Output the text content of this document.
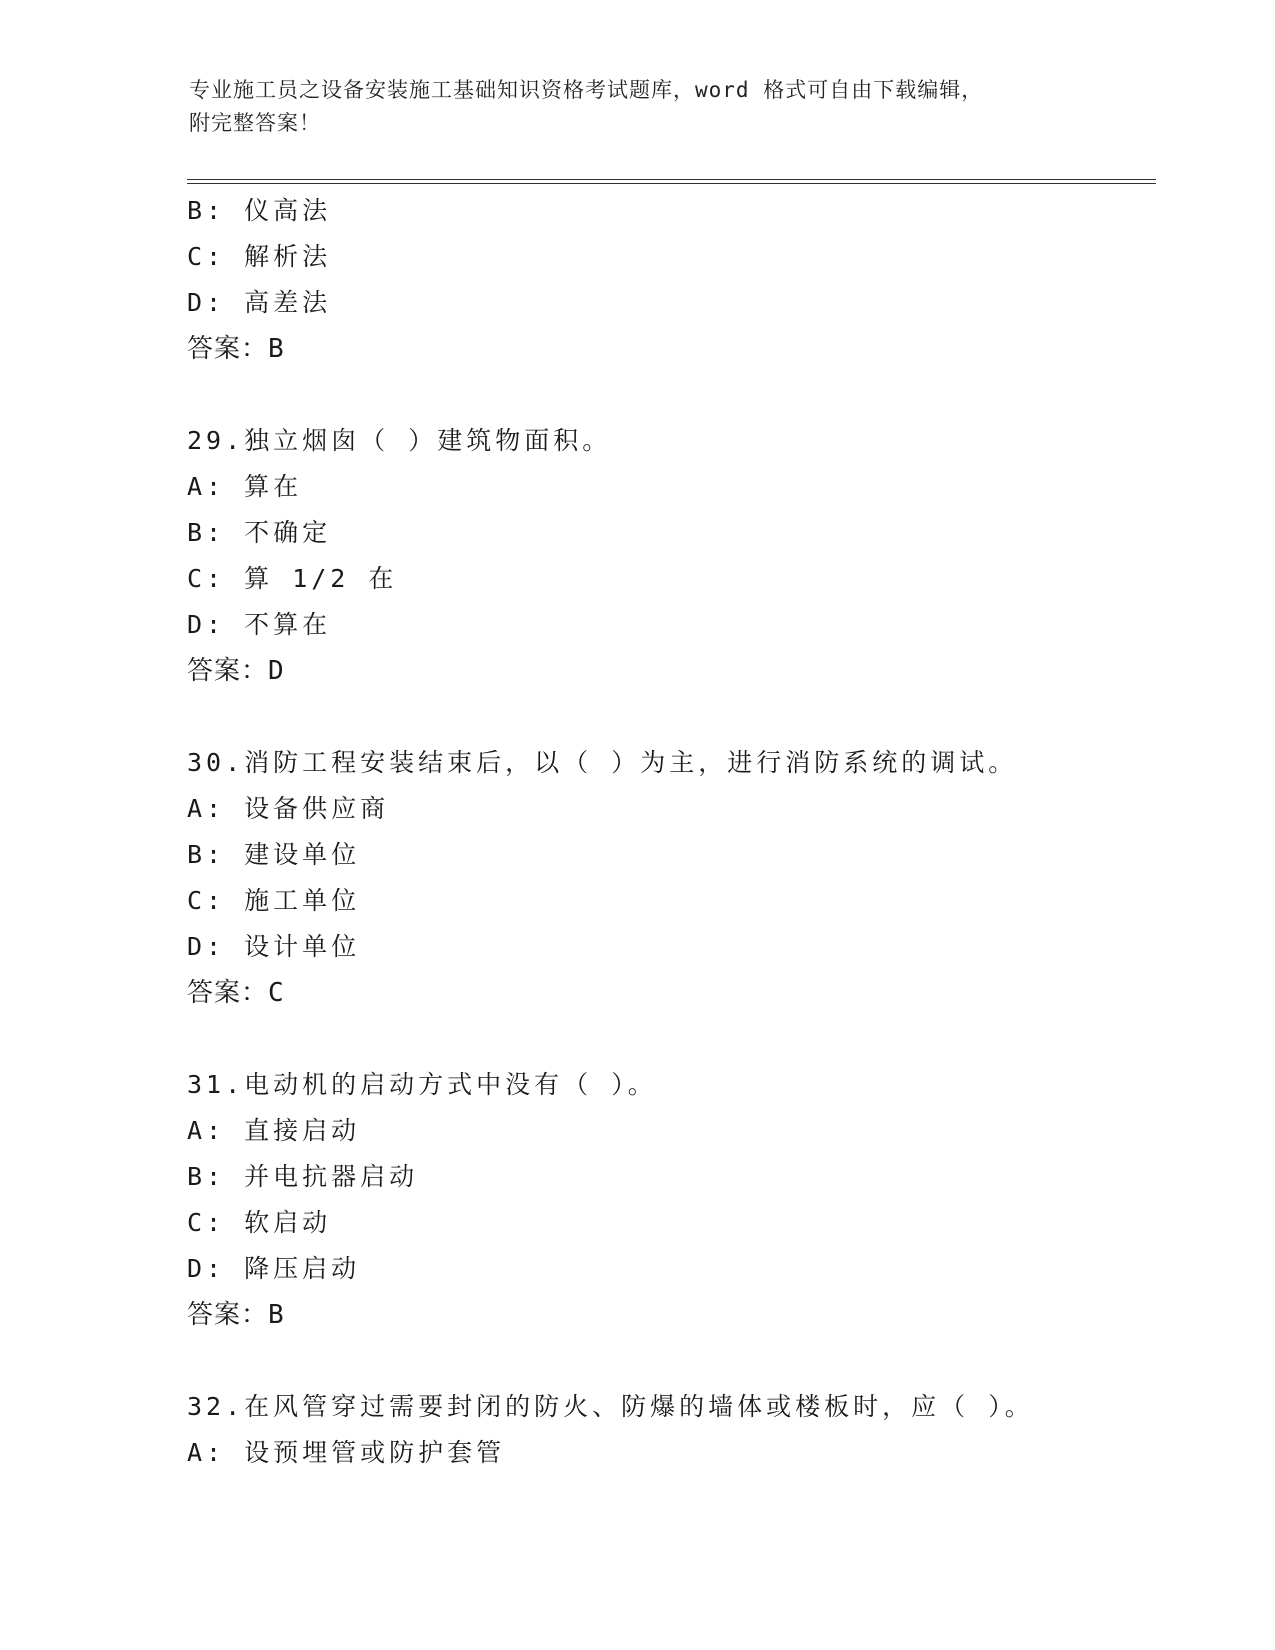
专业施工员之设备安装施工基础知识资格考试题库，word 格式可自由下载编辑，
附完整答案！
B: 仪高法
C: 解析法
D: 高差法
答案：B
29.独立烟囱（ ）建筑物面积。
A: 算在
B: 不确定
C: 算 1/2 在
D: 不算在
答案：D
30.消防工程安装结束后，以（ ）为主，进行消防系统的调试。
A: 设备供应商
B: 建设单位
C: 施工单位
D: 设计单位
答案：C
31.电动机的启动方式中没有（ ）。
A: 直接启动
B: 并电抗器启动
C: 软启动
D: 降压启动
答案：B
32.在风管穿过需要封闭的防火、防爆的墙体或楼板时，应（ ）。
A: 设预埋管或防护套管
